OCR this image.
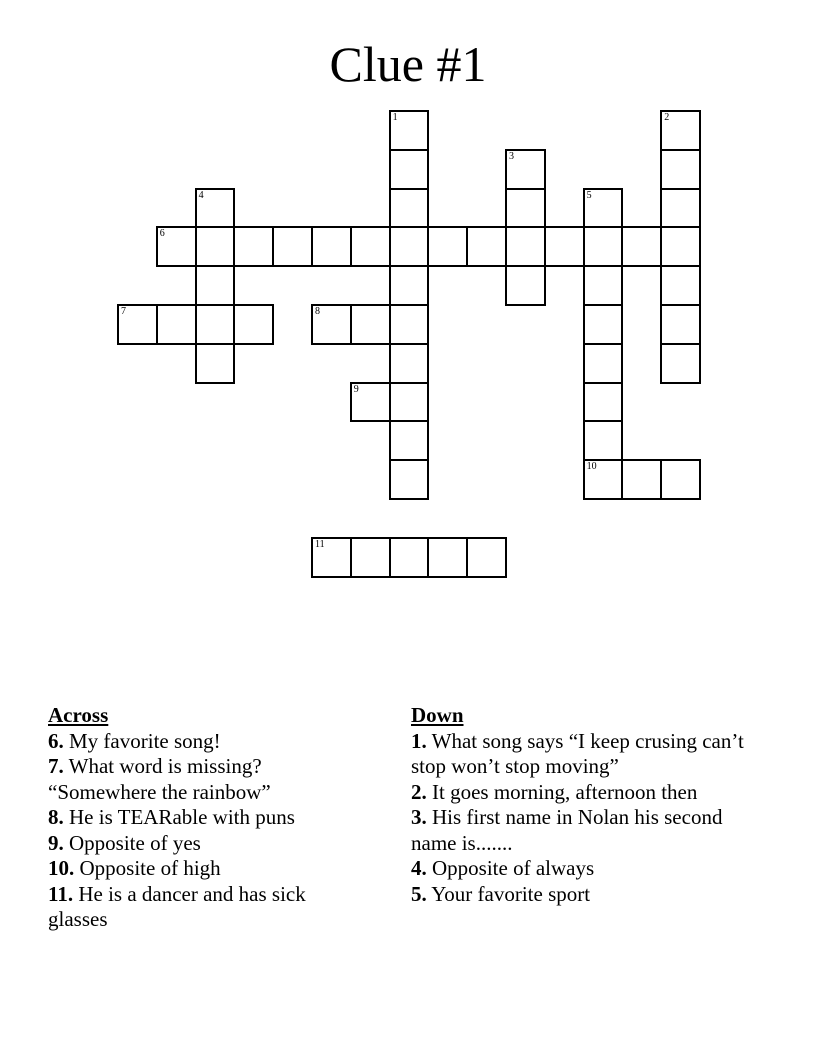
Clue #1
1	2
3
4	5
10
6
7	8
9
11
Across
6. My favorite song!
7. What word is missing? “Somewhere the rainbow”
8. He is TEARable with puns
9. Opposite of yes
10. Opposite of high
11. He is a dancer and has sick glasses
Down
1. What song says “I keep crusing can’t stop won’t stop moving”
2. It goes morning, afternoon then
3. His first name in Nolan his second name is.......
4. Opposite of always
5. Your favorite sport
